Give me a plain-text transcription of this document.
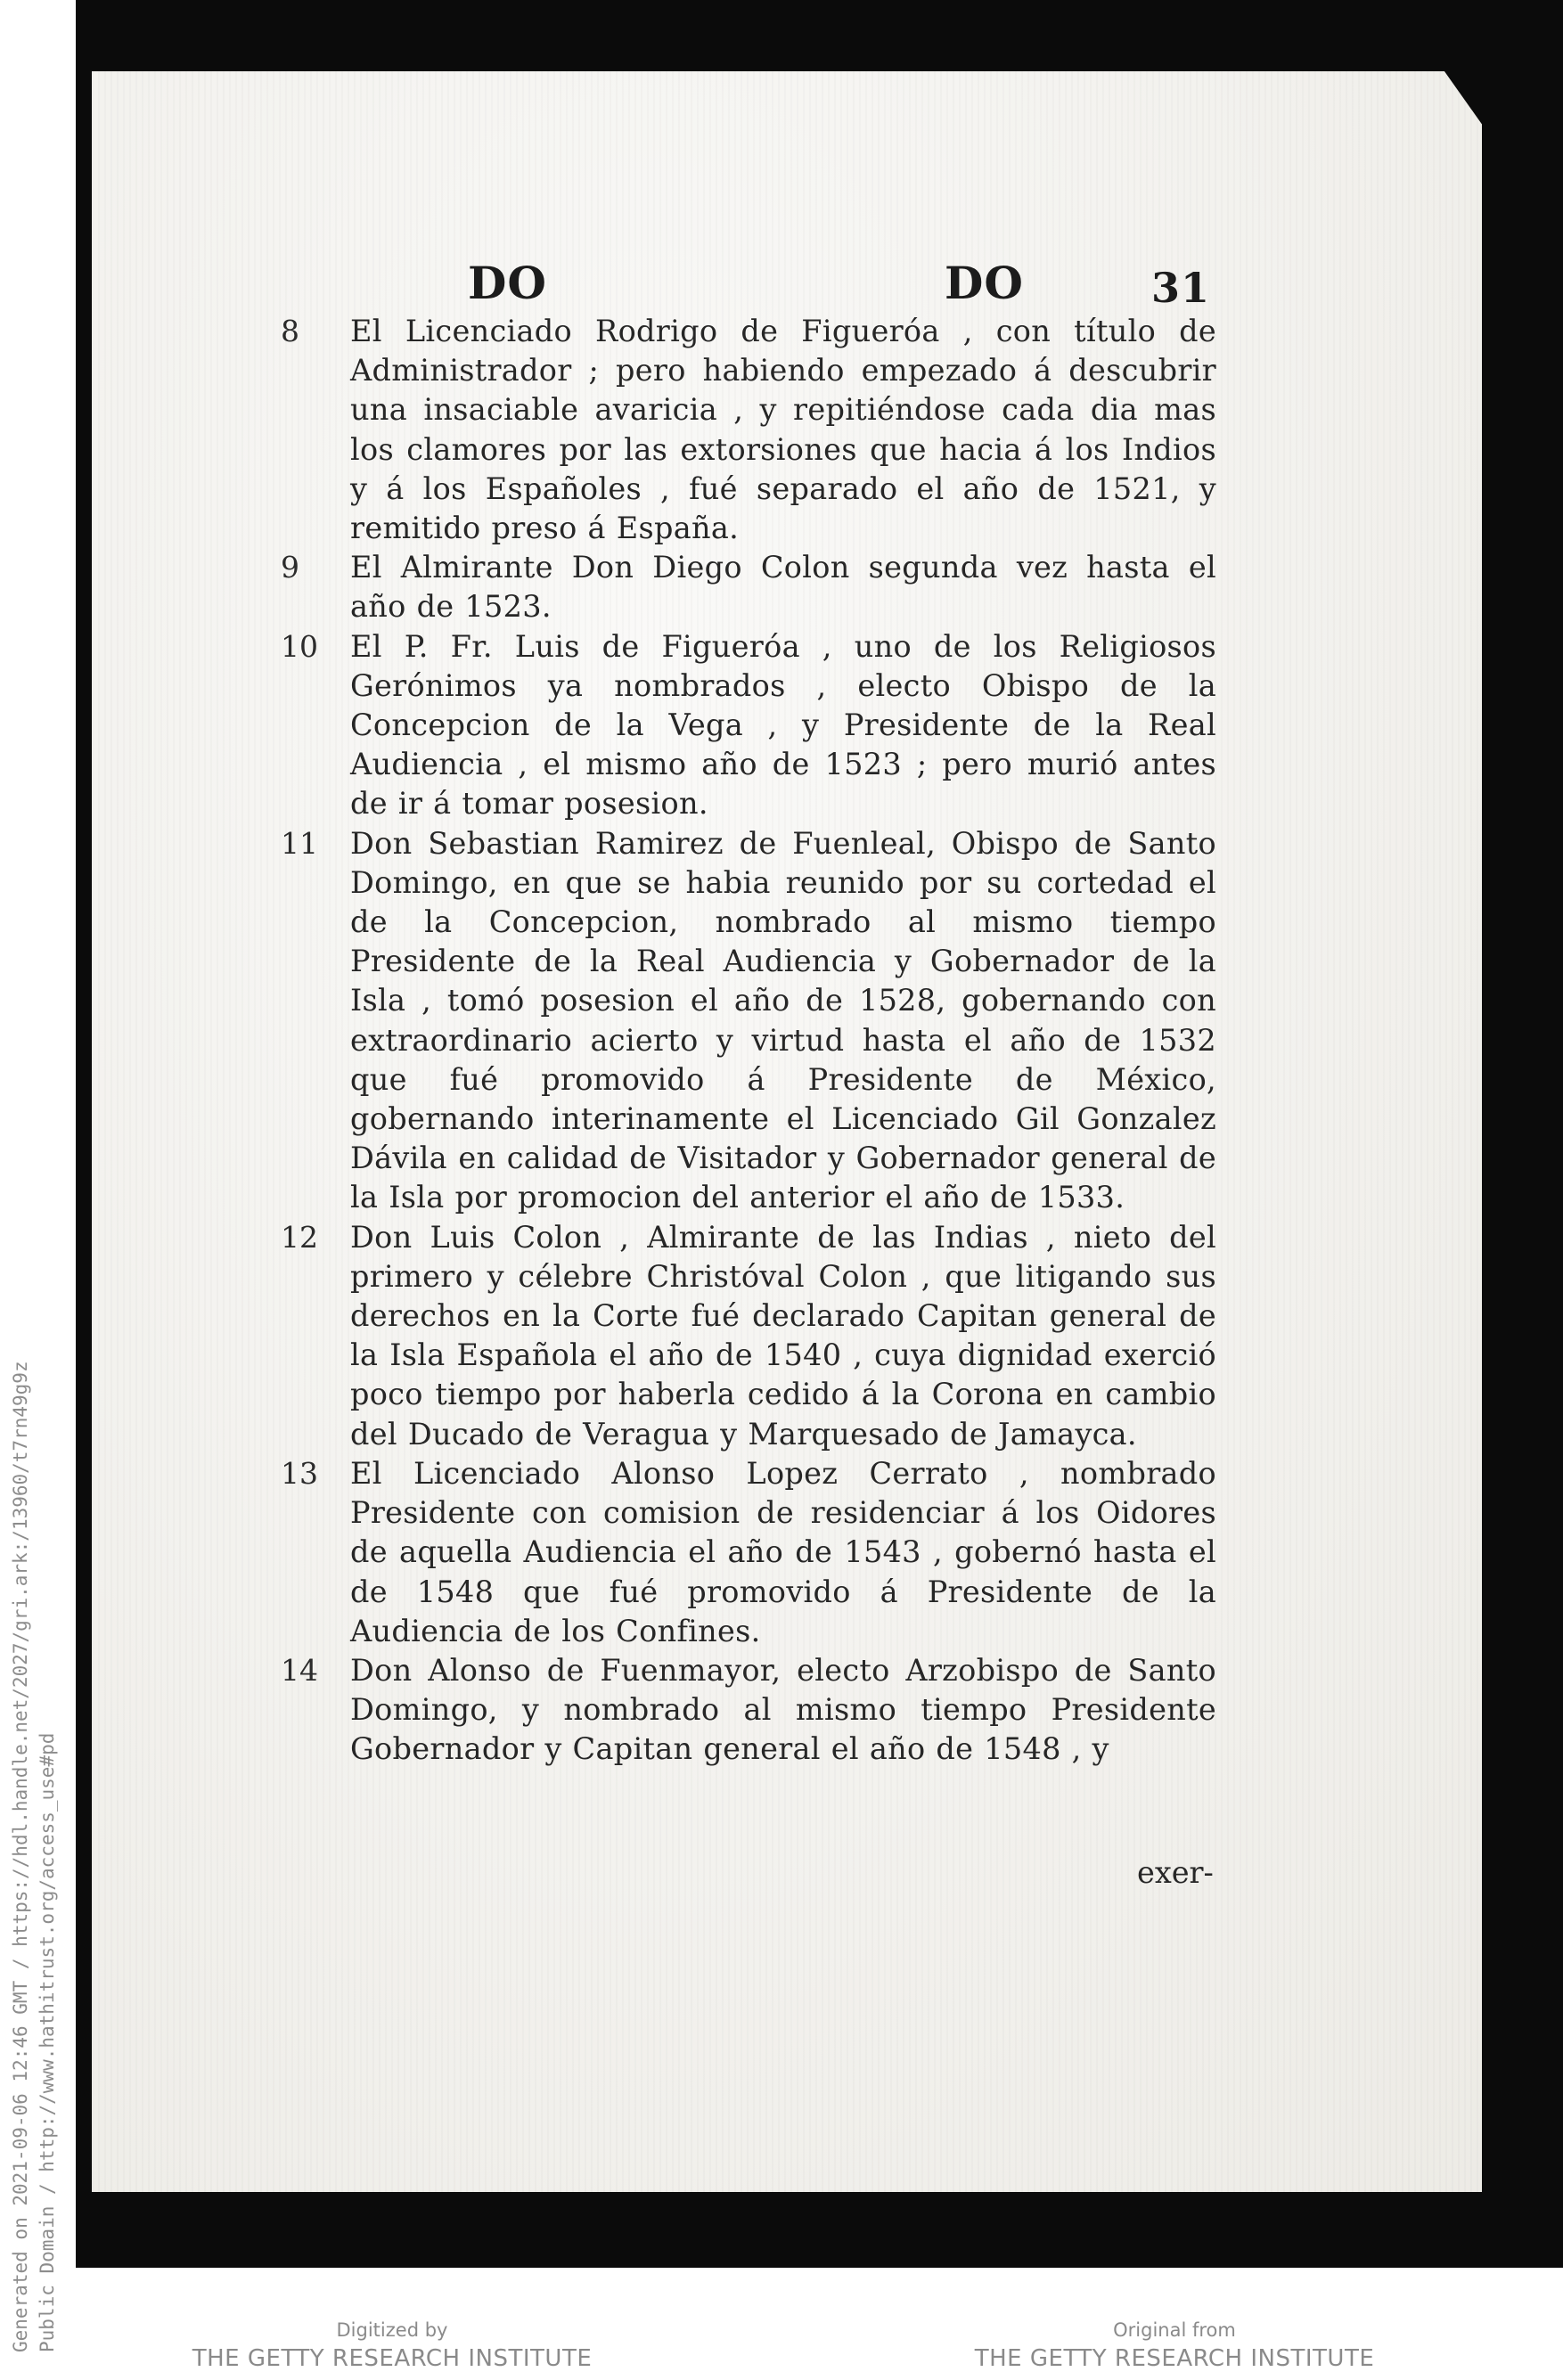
Generated on 2021-09-06 12:46 GMT / https://hdl.handle.net/2027/gri.ark:/13960/t7rn49g9z Public Domain / http://www.hathitrust.org/access_use#pd
DO	DO	31
8	El Licenciado Rodrigo de Figueróa , con título de Administrador ; pero habiendo empezado á descubrir una insaciable avaricia , y repitiéndose cada dia mas los clamores por las extorsiones que hacia á los Indios y á los Españoles , fué separado el año de 1521, y remitido preso á España.

9	El Almirante Don Diego Colon segunda vez hasta el año de 1523.

10	El P. Fr. Luis de Figueróa , uno de los Religiosos Gerónimos ya nombrados , electo Obispo de la Concepcion de la Vega , y Presidente de la Real Audiencia , el mismo año de 1523 ; pero murió antes de ir á tomar posesion.

11	Don Sebastian Ramirez de Fuenleal, Obispo de Santo Domingo, en que se habia reunido por su cortedad el de la Concepcion, nombrado al mismo tiempo Presidente de la Real Audiencia y Gobernador de la Isla , tomó posesion el año de 1528, gobernando con extraordinario acierto y virtud hasta el año de 1532 que fué promovido á Presidente de México, gobernando interinamente el Licenciado Gil Gonzalez Dávila en calidad de Visitador y Gobernador general de la Isla por promocion del anterior el año de 1533.

12	Don Luis Colon , Almirante de las Indias , nieto del primero y célebre Christóval Colon , que litigando sus derechos en la Corte fué declarado Capitan general de la Isla Española el año de 1540 , cuya dignidad exerció poco tiempo por haberla cedido á la Corona en cambio del Ducado de Veragua y Marquesado de Jamayca.

13	El Licenciado Alonso Lopez Cerrato , nombrado Presidente con comision de residenciar á los Oidores de aquella Audiencia el año de 1543 , gobernó hasta el de 1548 que fué promovido á Presidente de la Audiencia de los Confines.

14	Don Alonso de Fuenmayor, electo Arzobispo de Santo Domingo, y nombrado al mismo tiempo Presidente Gobernador y Capitan general el año de 1548 , y

exer-
Digitized by
THE GETTY RESEARCH INSTITUTE
Original from
THE GETTY RESEARCH INSTITUTE
